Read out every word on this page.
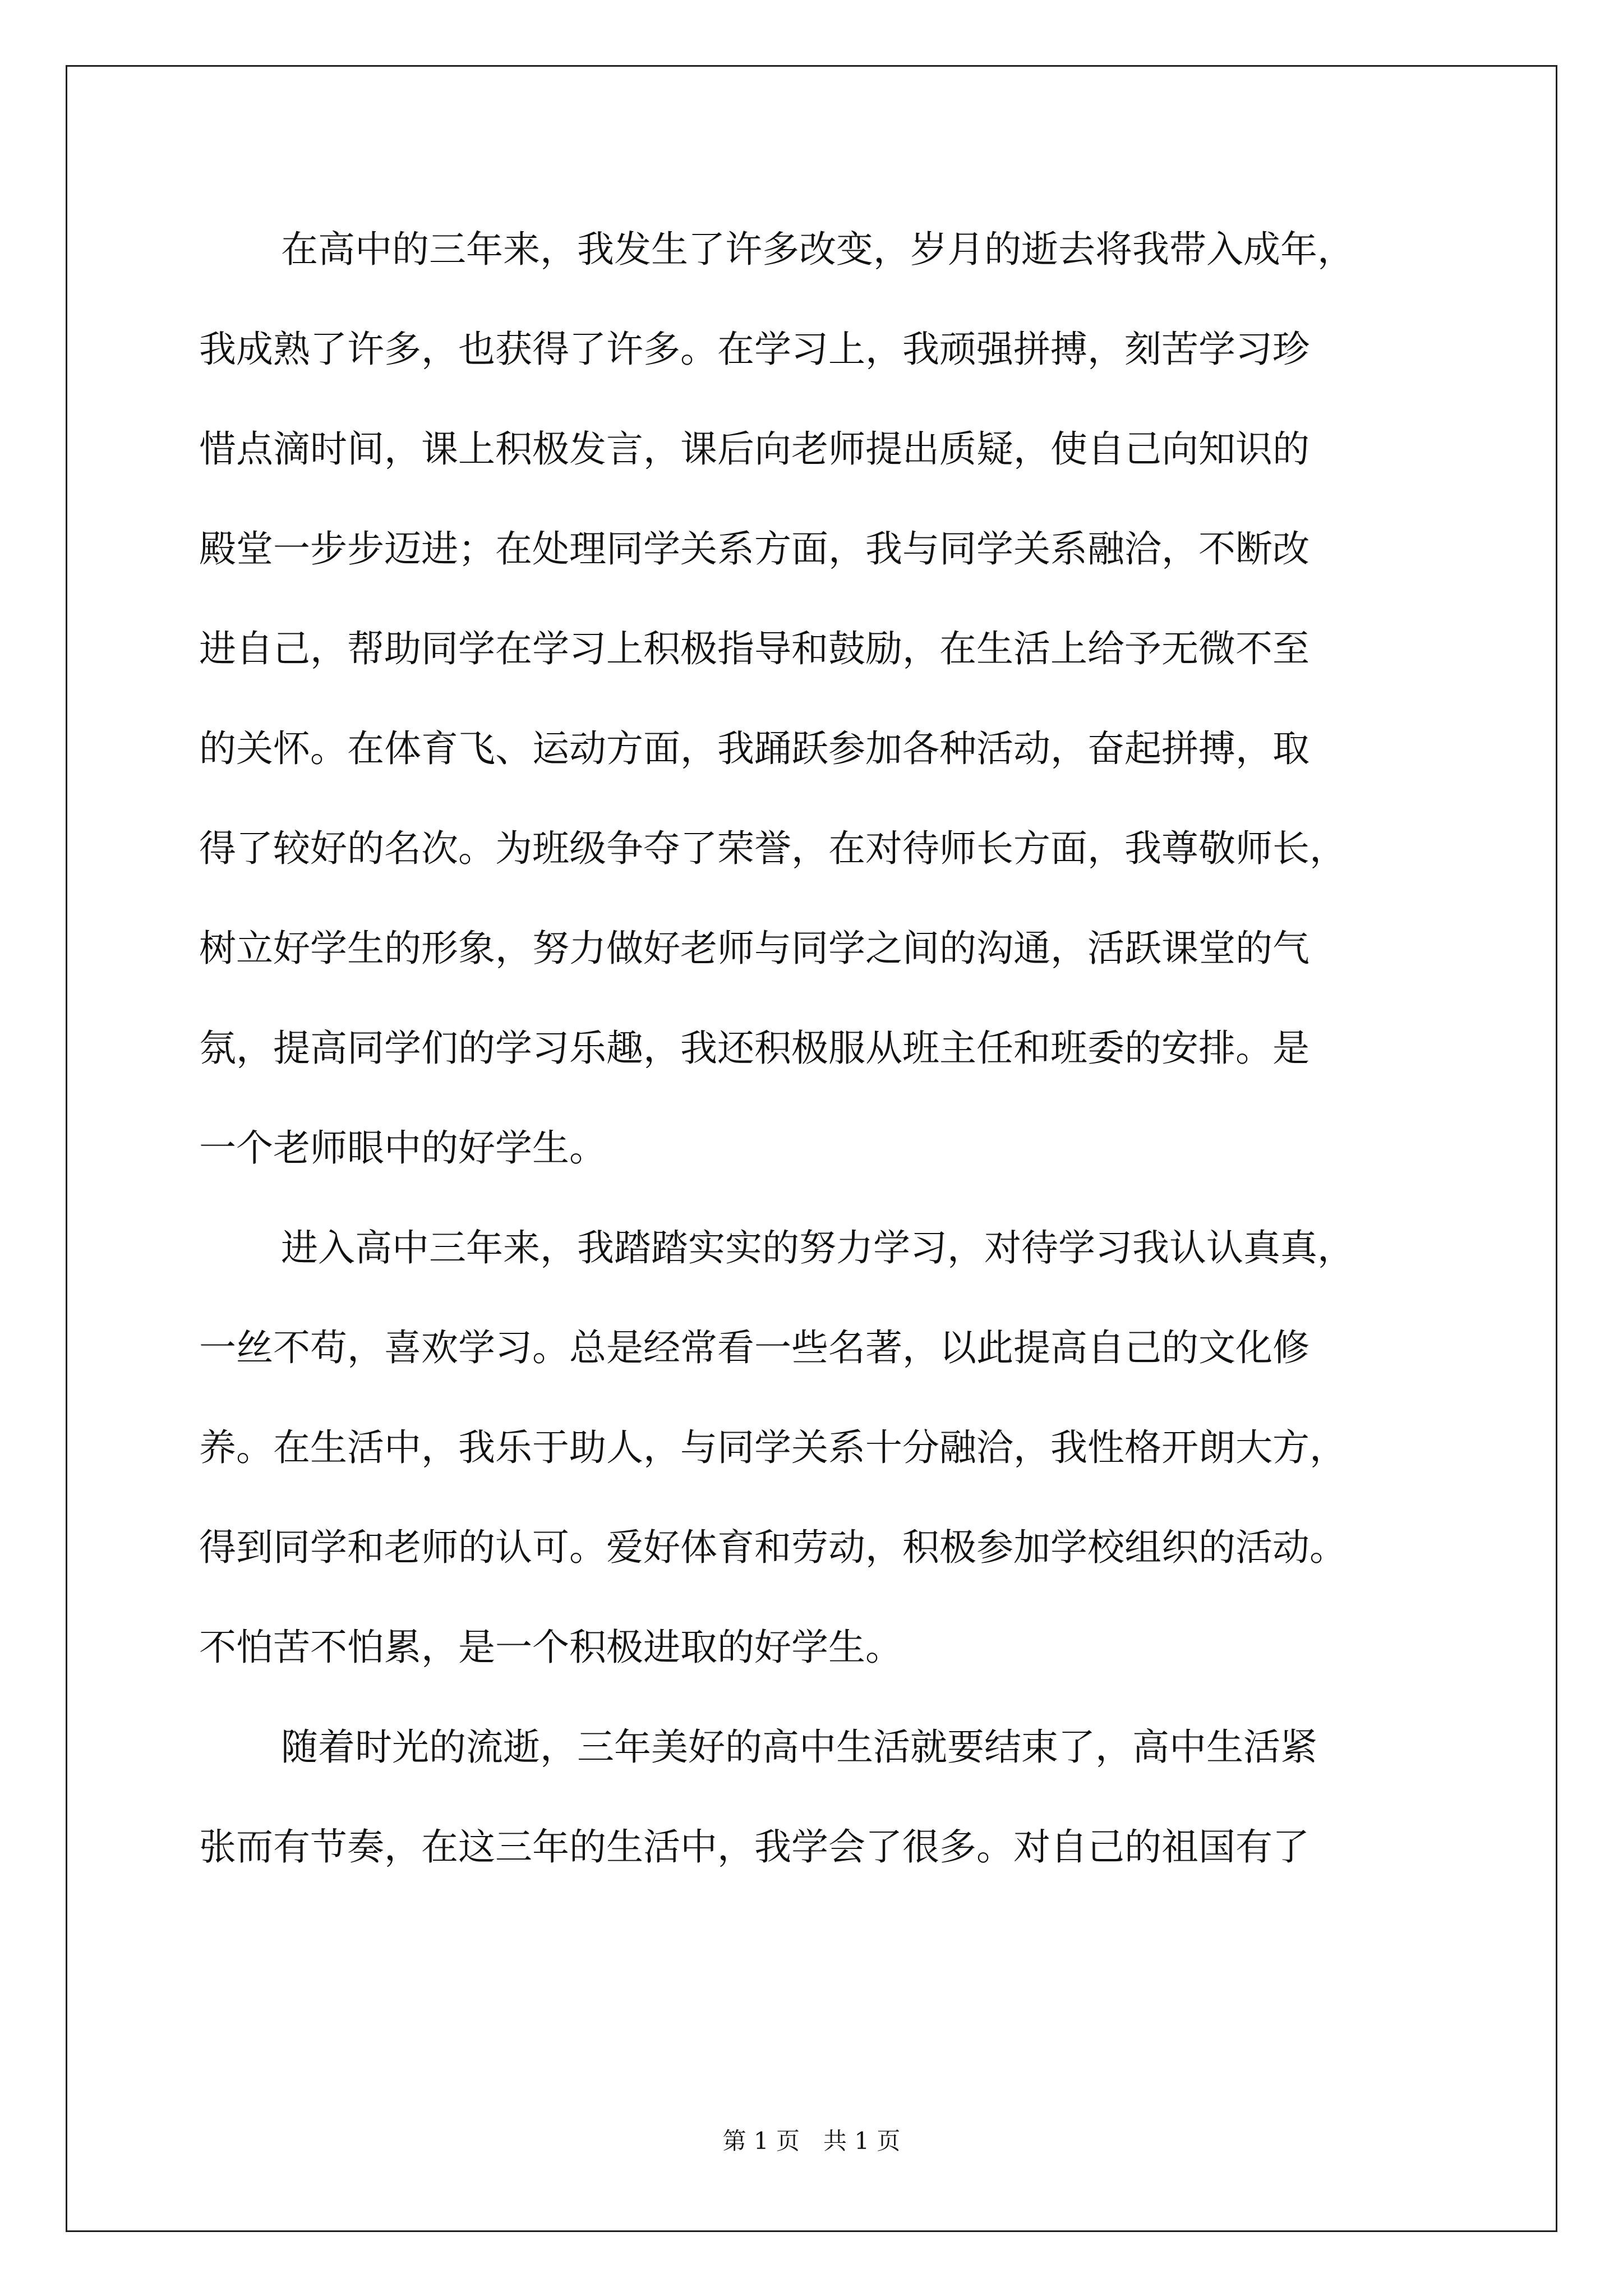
在高中的三年来，我发生了许多改变，岁月的逝去将我带入成年，
我成熟了许多，也获得了许多。在学习上，我顽强拼搏，刻苦学习珍
惜点滴时间，课上积极发言，课后向老师提出质疑，使自己向知识的
殿堂一步步迈进；在处理同学关系方面，我与同学关系融洽，不断改
进自己，帮助同学在学习上积极指导和鼓励，在生活上给予无微不至
的关怀。在体育飞、运动方面，我踊跃参加各种活动，奋起拼搏，取
得了较好的名次。为班级争夺了荣誉，在对待师长方面，我尊敬师长，
树立好学生的形象，努力做好老师与同学之间的沟通，活跃课堂的气
氛，提高同学们的学习乐趣，我还积极服从班主任和班委的安排。是
一个老师眼中的好学生。
进入高中三年来，我踏踏实实的努力学习，对待学习我认认真真，
一丝不苟，喜欢学习。总是经常看一些名著，以此提高自己的文化修
养。在生活中，我乐于助人，与同学关系十分融洽，我性格开朗大方，
得到同学和老师的认可。爱好体育和劳动，积极参加学校组织的活动。
不怕苦不怕累，是一个积极进取的好学生。
随着时光的流逝，三年美好的高中生活就要结束了，高中生活紧
张而有节奏，在这三年的生活中，我学会了很多。对自己的祖国有了
第 1 页　共 1 页
